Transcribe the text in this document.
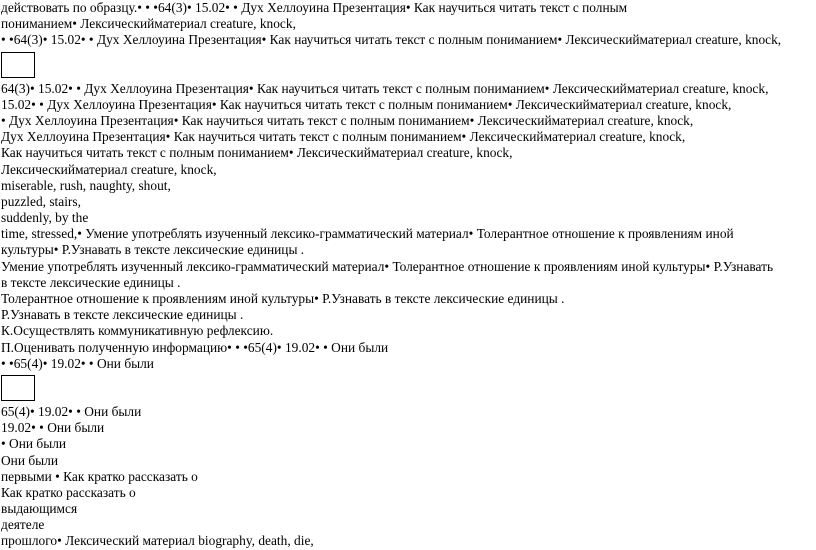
действовать по образцу.• • •64(3)• 15.02• • Дух Хеллоуина Презентация• Как научиться читать текст с полным
пониманием• Лексическийматериал creature, knock,
• •64(3)• 15.02• • Дух Хеллоуина Презентация• Как научиться читать текст с полным пониманием• Лексическийматериал creature, knock,
64(3)• 15.02• • Дух Хеллоуина Презентация• Как научиться читать текст с полным пониманием• Лексическийматериал creature, knock,
15.02• • Дух Хеллоуина Презентация• Как научиться читать текст с полным пониманием• Лексическийматериал creature, knock,
• Дух Хеллоуина Презентация• Как научиться читать текст с полным пониманием• Лексическийматериал creature, knock,
Дух Хеллоуина Презентация• Как научиться читать текст с полным пониманием• Лексическийматериал creature, knock,
Как научиться читать текст с полным пониманием• Лексическийматериал creature, knock,
Лексическийматериал creature, knock,
miserable, rush, naughty, shout,
puzzled, stairs,
suddenly, by the
time, stressed,• Умение употреблять изученный лексико-грамматический материал• Толерантное отношение к проявлениям иной
культуры• Р.Узнавать в тексте лексические единицы .
Умение употреблять изученный лексико-грамматический материал• Толерантное отношение к проявлениям иной культуры• Р.Узнавать
в тексте лексические единицы .
Толерантное отношение к проявлениям иной культуры• Р.Узнавать в тексте лексические единицы .
Р.Узнавать в тексте лексические единицы .
К.Осуществлять коммуникативную рефлексию.
П.Оценивать полученную информацию• • •65(4)• 19.02• • Они были
• •65(4)• 19.02• • Они были
65(4)• 19.02• • Они были
19.02• • Они были
• Они были
Они были
первыми • Как кратко рассказать о
Как кратко рассказать о
выдающимся
деятеле
прошлого• Лексический материал biography, death, die,
